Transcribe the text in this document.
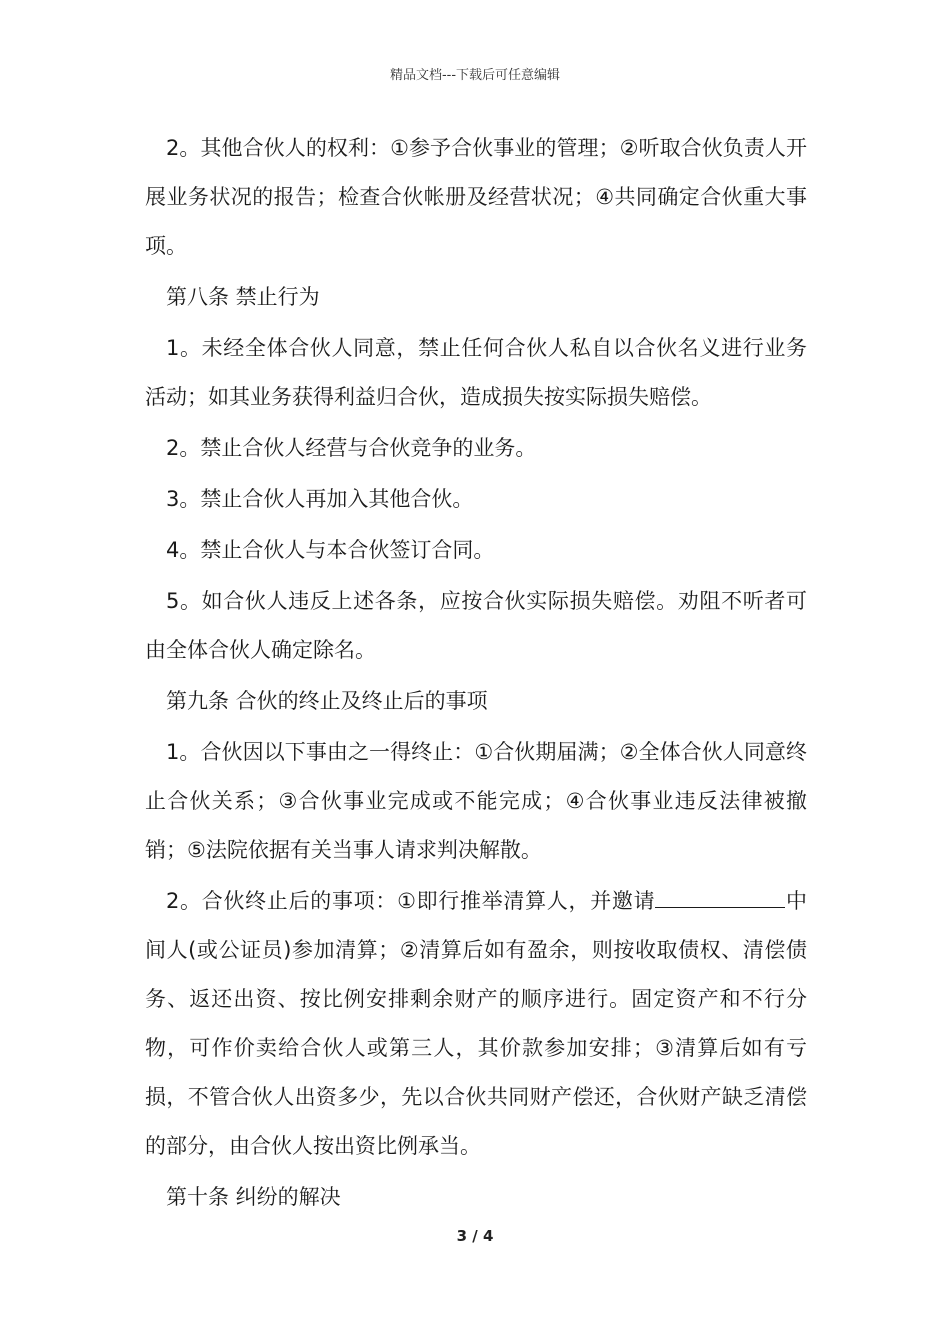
精品文档---下载后可任意编辑

2。其他合伙人的权利：①参予合伙事业的管理；②听取合伙负责人开展业务状况的报告；检查合伙帐册及经营状况；④共同确定合伙重大事项。

第八条 禁止行为

1。未经全体合伙人同意，禁止任何合伙人私自以合伙名义进行业务活动；如其业务获得利益归合伙，造成损失按实际损失赔偿。

2。禁止合伙人经营与合伙竞争的业务。

3。禁止合伙人再加入其他合伙。

4。禁止合伙人与本合伙签订合同。

5。如合伙人违反上述各条，应按合伙实际损失赔偿。劝阻不听者可由全体合伙人确定除名。

第九条 合伙的终止及终止后的事项

1。合伙因以下事由之一得终止：①合伙期届满；②全体合伙人同意终止合伙关系；③合伙事业完成或不能完成；④合伙事业违反法律被撤销；⑤法院依据有关当事人请求判决解散。

2。合伙终止后的事项：①即行推举清算人，并邀请	中间人(或公证员)参加清算；②清算后如有盈余，则按收取债权、清偿债务、返还出资、按比例安排剩余财产的顺序进行。固定资产和不行分物，可作价卖给合伙人或第三人，其价款参加安排；③清算后如有亏损，不管合伙人出资多少，先以合伙共同财产偿还，合伙财产缺乏清偿的部分，由合伙人按出资比例承当。

第十条 纠纷的解决

3 / 4
